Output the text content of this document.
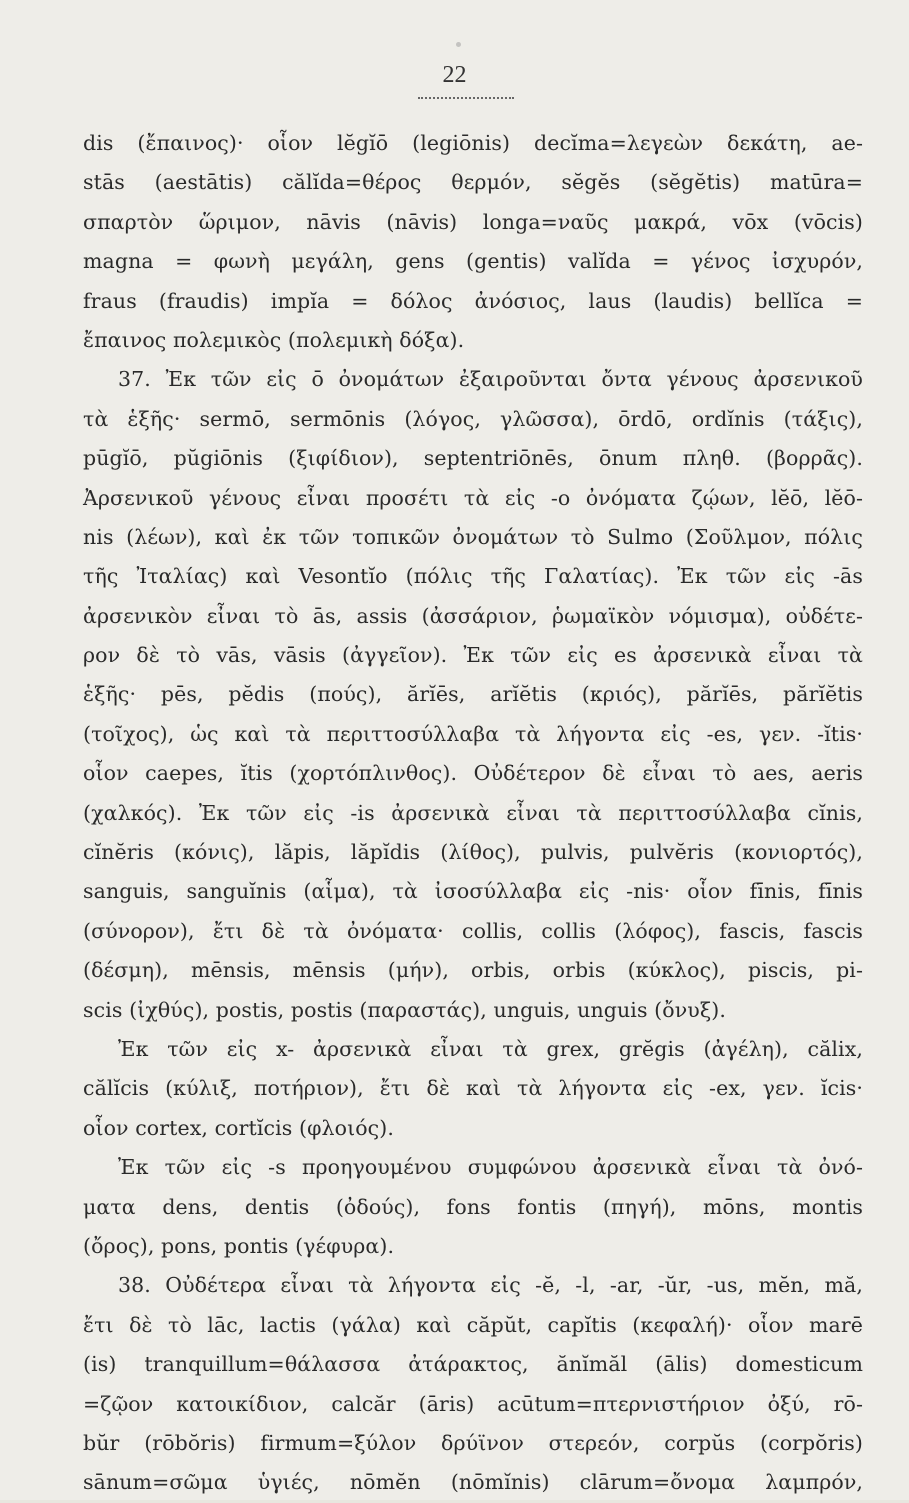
22
dis (ἔπαινος)· οἷον lĕgĭō (legiōnis) decĭma=λεγεὼν δεκάτη, ae-
stās (aestātis) călĭda=θέρος θερμόν, sĕgĕs (sĕgĕtis) matūra=
σπαρτὸν ὥριμον, nāvis (nāvis) longa=ναῦς μακρά, vōx (vōcis)
magna = φωνὴ μεγάλη, gens (gentis) valĭda = γένος ἰσχυρόν,
fraus (fraudis) impĭa = δόλος ἀνόσιος, laus (laudis) bellĭca =
ἔπαινος πολεμικὸς (πολεμικὴ δόξα).
37. Ἐκ τῶν εἰς ō ὀνομάτων ἐξαιροῦνται ὄντα γένους ἀρσενικοῦ
τὰ ἑξῆς· sermō, sermōnis (λόγος, γλῶσσα), ōrdō, ordĭnis (τάξις),
pūgĭō, pŭgiōnis (ξιφίδιον), septentriōnēs, ōnum πληθ. (βορρᾶς).
Ἀρσενικοῦ γένους εἶναι προσέτι τὰ εἰς -o ὀνόματα ζῴων, lĕō, lĕō-
nis (λέων), καὶ ἐκ τῶν τοπικῶν ὀνομάτων τὸ Sulmo (Σοῦλμον, πόλις
τῆς Ἰταλίας) καὶ Vesontĭo (πόλις τῆς Γαλατίας). Ἐκ τῶν εἰς -ās
ἀρσενικὸν εἶναι τὸ ās, assis (ἀσσάριον, ῥωμαϊκὸν νόμισμα), οὐδέτε-
ρον δὲ τὸ vās, vāsis (ἀγγεῖον). Ἐκ τῶν εἰς es ἀρσενικὰ εἶναι τὰ
ἑξῆς· pēs, pĕdis (πούς), ărĭēs, arĭĕtis (κριός), părĭēs, părĭĕtis
(τοῖχος), ὡς καὶ τὰ περιττοσύλλαβα τὰ λήγοντα εἰς -es, γεν. -ĭtis·
οἷον caepes, ĭtis (χορτόπλινθος). Οὐδέτερον δὲ εἶναι τὸ aes, aeris
(χαλκός). Ἐκ τῶν εἰς -is ἀρσενικὰ εἶναι τὰ περιττοσύλλαβα cĭnis,
cĭnĕris (κόνις), lăpis, lăpĭdis (λίθος), pulvis, pulvĕris (κονιορτός),
sanguis, sanguĭnis (αἷμα), τὰ ἰσοσύλλαβα εἰς -nis· οἷον fīnis, fīnis
(σύνορον), ἔτι δὲ τὰ ὀνόματα· collis, collis (λόφος), fascis, fascis
(δέσμη), mēnsis, mēnsis (μήν), orbis, orbis (κύκλος), piscis, pi-
scis (ἰχθύς), postis, postis (παραστάς), unguis, unguis (ὄνυξ).
Ἐκ τῶν εἰς x- ἀρσενικὰ εἶναι τὰ grex, grĕgis (ἀγέλη), călix,
călĭcis (κύλιξ, ποτήριον), ἔτι δὲ καὶ τὰ λήγοντα εἰς -ex, γεν. ĭcis·
οἷον cortex, cortĭcis (φλοιός).
Ἐκ τῶν εἰς -s προηγουμένου συμφώνου ἀρσενικὰ εἶναι τὰ ὀνό-
ματα dens, dentis (ὀδούς), fons fontis (πηγή), mōns, montis
(ὄρος), pons, pontis (γέφυρα).
38. Οὐδέτερα εἶναι τὰ λήγοντα εἰς -ĕ, -l, -ar, -ŭr, -us, mĕn, mă,
ἔτι δὲ τὸ lāc, lactis (γάλα) καὶ căpŭt, capĭtis (κεφαλή)· οἷον marē
(is) tranquillum=θάλασσα ἀτάρακτος, ănĭmăl (ālis) domesticum
=ζῷον κατοικίδιον, calcăr (āris) acūtum=πτερνιστήριον ὀξύ, rō-
bŭr (rōbŏris) firmum=ξύλον δρύϊνον στερεόν, corpŭs (corpŏris)
sānum=σῶμα ὑγιές, nōmĕn (nōmĭnis) clārum=ὄνομα λαμπρόν,
